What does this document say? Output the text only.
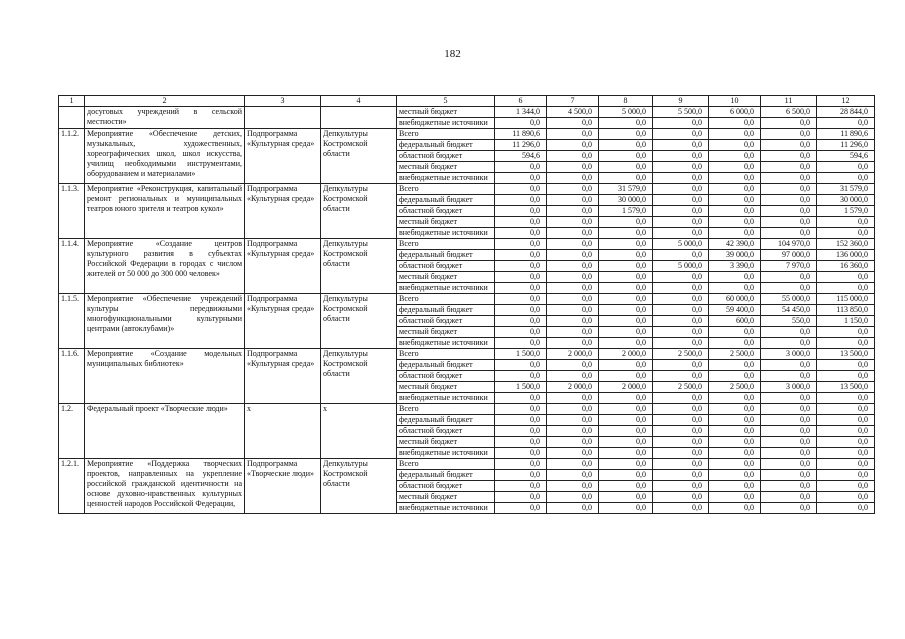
182
1	2	3	4	5	6	7	8	9	10	11	12
	досуговых учреждений в сельской местности»			местный бюджет	1 344,0	4 500,0	5 000,0	5 500,0	6 000,0	6 500,0	28 844,0
				внебюджетные источники	0,0	0,0	0,0	0,0	0,0	0,0	0,0
1.1.2.	Мероприятие «Обеспечение детских, музыкальных, художественных, хореографических школ, школ искусства, училищ необходимыми инструментами, оборудованием и материалами»	Подпрограмма «Культурная среда»	Депкультуры Костромской области	Всего	11 890,6	0,0	0,0	0,0	0,0	0,0	11 890,6
				федеральный бюджет	11 296,0	0,0	0,0	0,0	0,0	0,0	11 296,0
				областной бюджет	594,6	0,0	0,0	0,0	0,0	0,0	594,6
				местный бюджет	0,0	0,0	0,0	0,0	0,0	0,0	0,0
				внебюджетные источники	0,0	0,0	0,0	0,0	0,0	0,0	0,0
1.1.3.	Мероприятие «Реконструкция, капитальный ремонт региональных и муниципальных театров юного зрителя и театров кукол»	Подпрограмма «Культурная среда»	Депкультуры Костромской области	Всего	0,0	0,0	31 579,0	0,0	0,0	0,0	31 579,0
				федеральный бюджет	0,0	0,0	30 000,0	0,0	0,0	0,0	30 000,0
				областной бюджет	0,0	0,0	1 579,0	0,0	0,0	0,0	1 579,0
				местный бюджет	0,0	0,0	0,0	0,0	0,0	0,0	0,0
				внебюджетные источники	0,0	0,0	0,0	0,0	0,0	0,0	0,0
1.1.4.	Мероприятие «Создание центров культурного развития в субъектах Российской Федерации в городах с числом жителей от 50 000 до 300 000 человек»	Подпрограмма «Культурная среда»	Депкультуры Костромской области	Всего	0,0	0,0	0,0	5 000,0	42 390,0	104 970,0	152 360,0
				федеральный бюджет	0,0	0,0	0,0	0,0	39 000,0	97 000,0	136 000,0
				областной бюджет	0,0	0,0	0,0	5 000,0	3 390,0	7 970,0	16 360,0
				местный бюджет	0,0	0,0	0,0	0,0	0,0	0,0	0,0
				внебюджетные источники	0,0	0,0	0,0	0,0	0,0	0,0	0,0
1.1.5.	Мероприятие «Обеспечение учреждений культуры передвижными многофункциональными культурными центрами (автоклубами)»	Подпрограмма «Культурная среда»	Депкультуры Костромской области	Всего	0,0	0,0	0,0	0,0	60 000,0	55 000,0	115 000,0
				федеральный бюджет	0,0	0,0	0,0	0,0	59 400,0	54 450,0	113 850,0
				областной бюджет	0,0	0,0	0,0	0,0	600,0	550,0	1 150,0
				местный бюджет	0,0	0,0	0,0	0,0	0,0	0,0	0,0
				внебюджетные источники	0,0	0,0	0,0	0,0	0,0	0,0	0,0
1.1.6.	Мероприятие «Создание модельных муниципальных библиотек»	Подпрограмма «Культурная среда»	Депкультуры Костромской области	Всего	1 500,0	2 000,0	2 000,0	2 500,0	2 500,0	3 000,0	13 500,0
				федеральный бюджет	0,0	0,0	0,0	0,0	0,0	0,0	0,0
				областной бюджет	0,0	0,0	0,0	0,0	0,0	0,0	0,0
				местный бюджет	1 500,0	2 000,0	2 000,0	2 500,0	2 500,0	3 000,0	13 500,0
				внебюджетные источники	0,0	0,0	0,0	0,0	0,0	0,0	0,0
1.2.	Федеральный проект «Творческие люди»	х	х	Всего	0,0	0,0	0,0	0,0	0,0	0,0	0,0
				федеральный бюджет	0,0	0,0	0,0	0,0	0,0	0,0	0,0
				областной бюджет	0,0	0,0	0,0	0,0	0,0	0,0	0,0
				местный бюджет	0,0	0,0	0,0	0,0	0,0	0,0	0,0
				внебюджетные источники	0,0	0,0	0,0	0,0	0,0	0,0	0,0
1.2.1.	Мероприятие «Поддержка творческих проектов, направленных на укрепление российской гражданской идентичности на основе духовно-нравственных культурных ценностей народов Российской Федерации,	Подпрограмма «Творческие люди»	Депкультуры Костромской области	Всего	0,0	0,0	0,0	0,0	0,0	0,0	0,0
				федеральный бюджет	0,0	0,0	0,0	0,0	0,0	0,0	0,0
				областной бюджет	0,0	0,0	0,0	0,0	0,0	0,0	0,0
				местный бюджет	0,0	0,0	0,0	0,0	0,0	0,0	0,0
				внебюджетные источники	0,0	0,0	0,0	0,0	0,0	0,0	0,0
